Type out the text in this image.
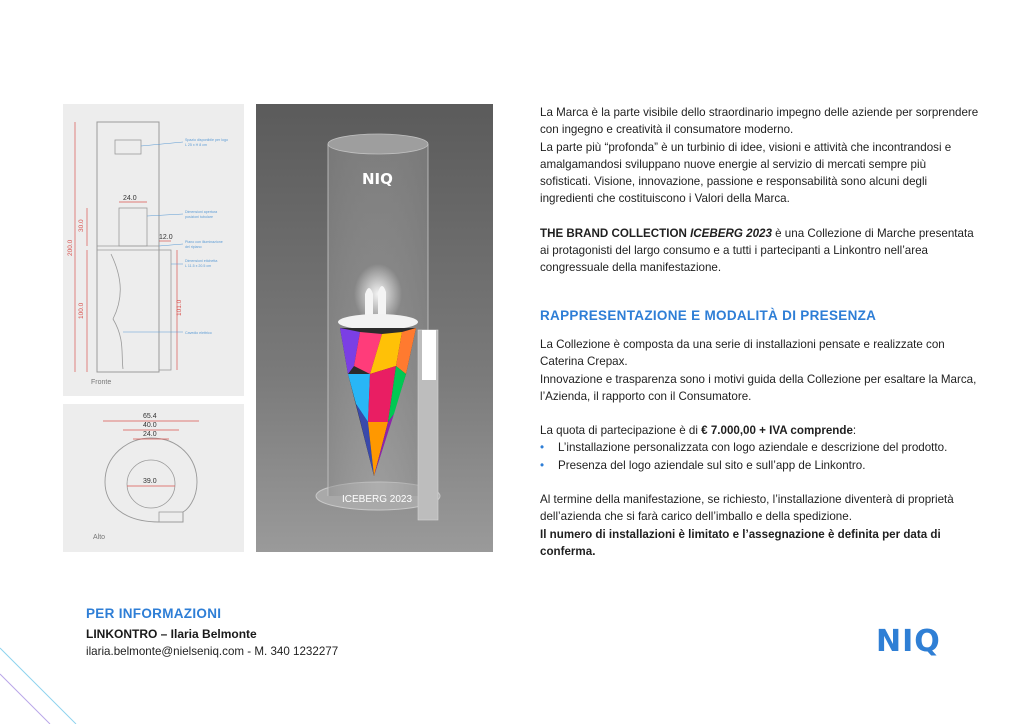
24.0
30.0
200.0
12.0
100.0	101.0
Spazio disponibile per logo
L 25 x H 8 cm
Dimensioni apertura
posizioni tubolare
Piano con illuminazione
del ripiano
Dimensioni etichetta
L 11.5 x 20.5 cm
Cavedio elettrico
Fronte
65.4
40.0
24.0
39.0
Alto
NIQ
ICEBERG 2023

La Marca è la parte visibile dello straordinario impegno delle aziende per sorprendere con ingegno e creatività il consumatore moderno.

La parte più “profonda” è un turbinio di idee, visioni e attività che incontrandosi e amalgamandosi sviluppano nuove energie al servizio di mercati sempre più sofisticati. Visione, innovazione, passione e responsabilità sono alcuni degli ingredienti che costituiscono i Valori della Marca.

THE BRAND COLLECTION ICEBERG 2023 è una Collezione di Marche presentata ai protagonisti del largo consumo e a tutti i partecipanti a Linkontro nell’area congressuale della manifestazione.

RAPPRESENTAZIONE E MODALITÀ DI PRESENZA

La Collezione è composta da una serie di installazioni pensate e realizzate con Caterina Crepax.

Innovazione e trasparenza sono i motivi guida della Collezione per esaltare la Marca, l’Azienda, il rapporto con il Consumatore.

La quota di partecipazione è di € 7.000,00 + IVA comprende:

• L’installazione personalizzata con logo aziendale e descrizione del prodotto.
• Presenza del logo aziendale sul sito e sull’app de Linkontro.

Al termine della manifestazione, se richiesto, l’installazione diventerà di proprietà dell’azienda che si farà carico dell’imballo e della spedizione.

Il numero di installazioni è limitato e l’assegnazione è definita per data di conferma.

PER INFORMAZIONI
LINKONTRO – Ilaria Belmonte
ilaria.belmonte@nielseniq.com - M. 340 1232277	NIQ
